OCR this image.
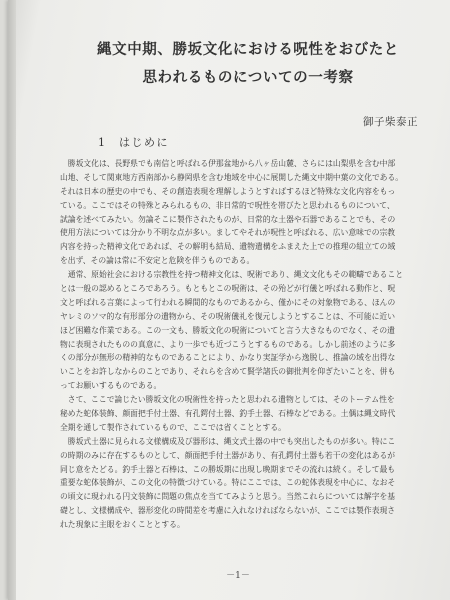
縄文中期、勝坂文化における呪性をおびたと
思われるものについての一考察
御子柴泰正
1　はじめに
　勝坂文化は、長野県でも南信と呼ばれる伊那盆地から八ヶ岳山麓、さらには山梨県を含む中部
山地、そして関東地方西南部から静岡県を含む地域を中心に展開した縄文中期中葉の文化である。
それは日本の歴史の中でも、その創造表現を理解しようとすればするほど特殊な文化内容をもっ
ている。ここではその特殊とみられるもの、非日常的で呪性を帯びたと思われるものについて、
試論を述べてみたい。勿論そこに製作されたものが、日常的な土器や石器であることでも、その
使用方法については分かり不明な点が多い。ましてやそれが呪性と呼ばれる、広い意味での宗教
内容を持った精神文化であれば、その解明も結局、遺物遺構をふまえた上での推理の組立ての域
を出ず、その論は常に不安定と危険を伴うものである。
　通常、原始社会における宗教性を持つ精神文化は、呪術であり、縄文文化もその範疇であること
とは一般の認めるところであろう。もともとこの呪術は、その殆どが行儀と呼ばれる動作と、呪
文と呼ばれる言葉によって行われる瞬間的なものであるから、僅かにその対象物である、ほんの
ヤレミのソマ的な有形部分の遺物から、その呪術儀礼を復元しようとすることは、不可能に近い
ほど困難な作業である。この一文も、勝坂文化の呪術についてと言う大きなものでなく、その遺
物に表現されたものの真意に、より一歩でも近づこうとするものである。しかし前述のように多
くの部分が無形の精神的なものであることにより、かなり実証学から逸脱し、推論の域を出得な
いことをお許しなからのことであり、それらを含めて賢学諸氏の御批判を仰ぎたいことを、併も
ってお願いするものである。
　さて、ここで論じたい勝坂文化の呪術性を持ったと思われる遺物としては、そのトーテム性を
秘めた蛇体装飾、顔面把手付土器、有孔鍔付土器、釣手土器、石棒などである。土偶は縄文時代
全期を通して製作されているもので、ここでは省くこととする。
　勝坂式土器に見られる文様構成及び器形は、縄文式土器の中でも突出したものが多い。特にこ
の時期のみに存在するものとして、顔面把手付土器があり、有孔鍔付土器も若干の変化はあるが
同じ意をたどる。釣手土器と石棒は、この勝坂期に出現し晩期までその流れは続く。そして最も
重要な蛇体装飾が、この文化の特徴づけている。特にここでは、この蛇体表現を中心に、なおそ
の頃文に現われる円文装飾に問題の焦点を当ててみようと思う。当然これらについては解字を基
礎とし、文様構成や、器形変化の時間差を考慮に入れなければならないが、ここでは製作表現さ
れた現象に主眼をおくこととする。
－1－
